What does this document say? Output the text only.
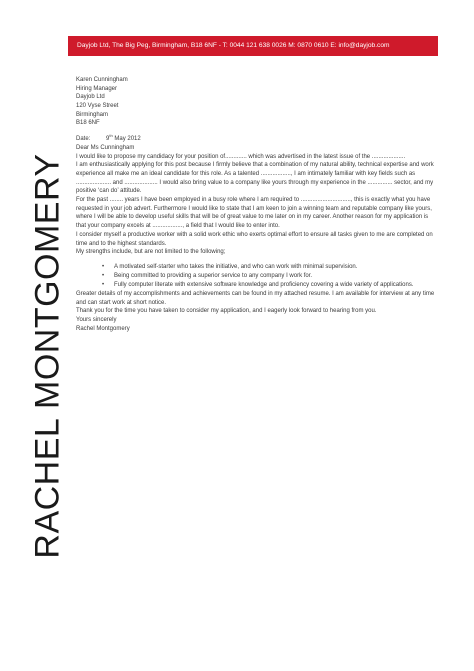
RACHEL MONTGOMERY
Dayjob Ltd, The Big Peg, Birmingham, B18 6NF - T: 0044 121 638 0026 M: 0870 0610 E: info@dayjob.com
Karen Cunningham
Hiring Manager
Dayjob Ltd
120 Vyse Street
Birmingham
B18 6NF
Date:	9th May 2012

Dear Ms Cunningham

I would like to propose my candidacy for your position of............. which was advertised in the latest issue of the ....................

I am enthusiastically applying for this post because I firmly believe that a combination of my natural ability, technical expertise and work experience all make me an ideal candidate for this role. As a talented .................., I am intimately familiar with key fields such as ..................... and .................... I would also bring value to a company like yours through my experience in the ............... sector, and my positive ‘can do’ attitude.

For the past ........ years I have been employed in a busy role where I am required to .............................., this is exactly what you have requested in your job advert. Furthermore I would like to state that I am keen to join a winning team and reputable company like yours, where I will be able to develop useful skills that will be of great value to me later on in my career. Another reason for my application is that your company excels at .................., a field that I would like to enter into.

I consider myself a productive worker with a solid work ethic who exerts optimal effort to ensure all tasks given to me are completed on time and to the highest standards.

My strengths include, but are not limited to the following;

• A motivated self-starter who takes the initiative, and who can work with minimal supervision.
• Being committed to providing a superior service to any company I work for.
• Fully computer literate with extensive software knowledge and proficiency covering a wide variety of applications.

Greater details of my accomplishments and achievements can be found in my attached resume. I am available for interview at any time and can start work at short notice.

Thank you for the time you have taken to consider my application, and I eagerly look forward to hearing from you.

Yours sincerely

Rachel Montgomery
